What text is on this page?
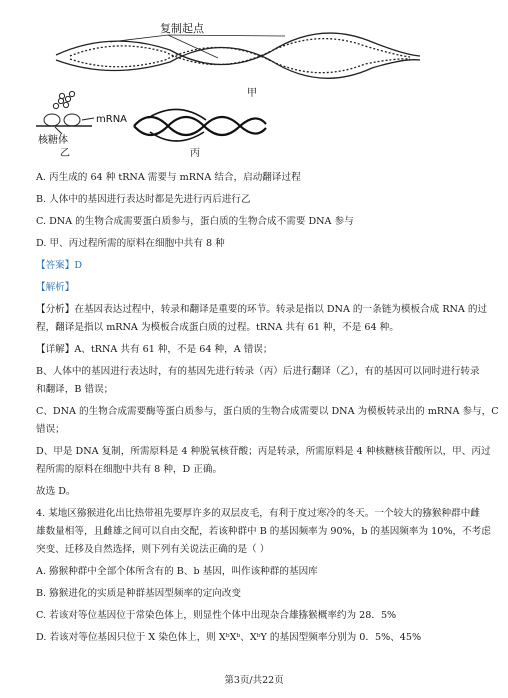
复制起点
甲
mRNA
核糖体
乙	丙
A. 丙生成的 64 种 tRNA 需要与 mRNA 结合，启动翻译过程
B. 人体中的基因进行表达时都是先进行丙后进行乙
C. DNA 的生物合成需要蛋白质参与，蛋白质的生物合成不需要 DNA 参与
D. 甲、丙过程所需的原料在细胞中共有 8 种
【答案】D
【解析】
【分析】在基因表达过程中，转录和翻译是重要的环节。转录是指以 DNA 的一条链为模板合成 RNA 的过
程，翻译是指以 mRNA 为模板合成蛋白质的过程。tRNA 共有 61 种，不是 64 种。
【详解】A、tRNA 共有 61 种，不是 64 种，A 错误；
B、人体中的基因进行表达时，有的基因先进行转录（丙）后进行翻译（乙），有的基因可以同时进行转录
和翻译，B 错误；
C、DNA 的生物合成需要酶等蛋白质参与，蛋白质的生物合成需要以 DNA 为模板转录出的 mRNA 参与，C
错误；
D、甲是 DNA 复制，所需原料是 4 种脱氧核苷酸；丙是转录，所需原料是 4 种核糖核苷酸所以，甲、丙过
程所需的原料在细胞中共有 8 种，D 正确。
故选 D。
4. 某地区猕猴进化出比热带祖先要厚许多的双层皮毛，有利于度过寒冷的冬天。一个较大的猕猴种群中雌
雄数量相等，且雌雄之间可以自由交配，若该种群中 B 的基因频率为 90%，b 的基因频率为 10%，不考虑
突变、迁移及自然选择，则下列有关说法正确的是（ ）
A. 猕猴种群中全部个体所含有的 B、b 基因，叫作该种群的基因库
B. 猕猴进化的实质是种群基因型频率的定向改变
C. 若该对等位基因位于常染色体上，则显性个体中出现杂合雄猕猴概率约为 28．5%
D. 若该对等位基因只位于 X 染色体上，则 XᵇXᵇ、XᵇY 的基因型频率分别为 0．5%、45%
第3页/共22页
